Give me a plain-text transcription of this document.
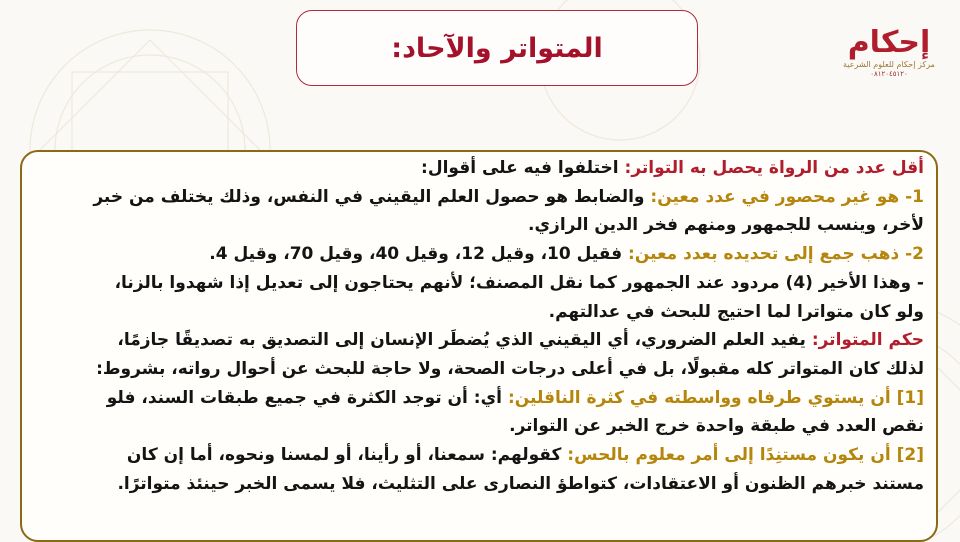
المتواتر والآحاد:	إحكام
مركز إحكام للعلوم الشرعية
٠٨١٢٠٤٥١٢٠
أقل عدد من الرواة يحصل به التواتر: اختلفوا فيه على أقوال:
1- هو غير محصور في عدد معين: والضابط هو حصول العلم اليقيني في النفس، وذلك يختلف من خبر
لأخر، وينسب للجمهور ومنهم فخر الدين الرازي.
2- ذهب جمع إلى تحديده بعدد معين: فقيل 10، وقيل 12، وقيل 40، وقيل 70، وقيل 4.
- وهذا الأخير (4) مردود عند الجمهور كما نقل المصنف؛ لأنهم يحتاجون إلى تعديل إذا شهدوا بالزنا،
ولو كان متواترا لما احتيج للبحث في عدالتهم.
حكم المتواتر: يفيد العلم الضروري، أي اليقيني الذي يُضطَر الإنسان إلى التصديق به تصديقًا جازمًا،
لذلك كان المتواتر كله مقبولًا، بل في أعلى درجات الصحة، ولا حاجة للبحث عن أحوال رواته، بشروط:
[1] أن يستوي طرفاه وواسطته في كثرة الناقلين: أي: أن توجد الكثرة في جميع طبقات السند، فلو
نقص العدد في طبقة واحدة خرج الخبر عن التواتر.
[2] أن يكون مستنِدًا إلى أمر معلوم بالحس: كقولهم: سمعنا، أو رأينا، أو لمسنا ونحوه، أما إن كان
مستند خبرهم الظنون أو الاعتقادات، كتواطؤ النصارى على التثليث، فلا يسمى الخبر حينئذ متواترًا.
